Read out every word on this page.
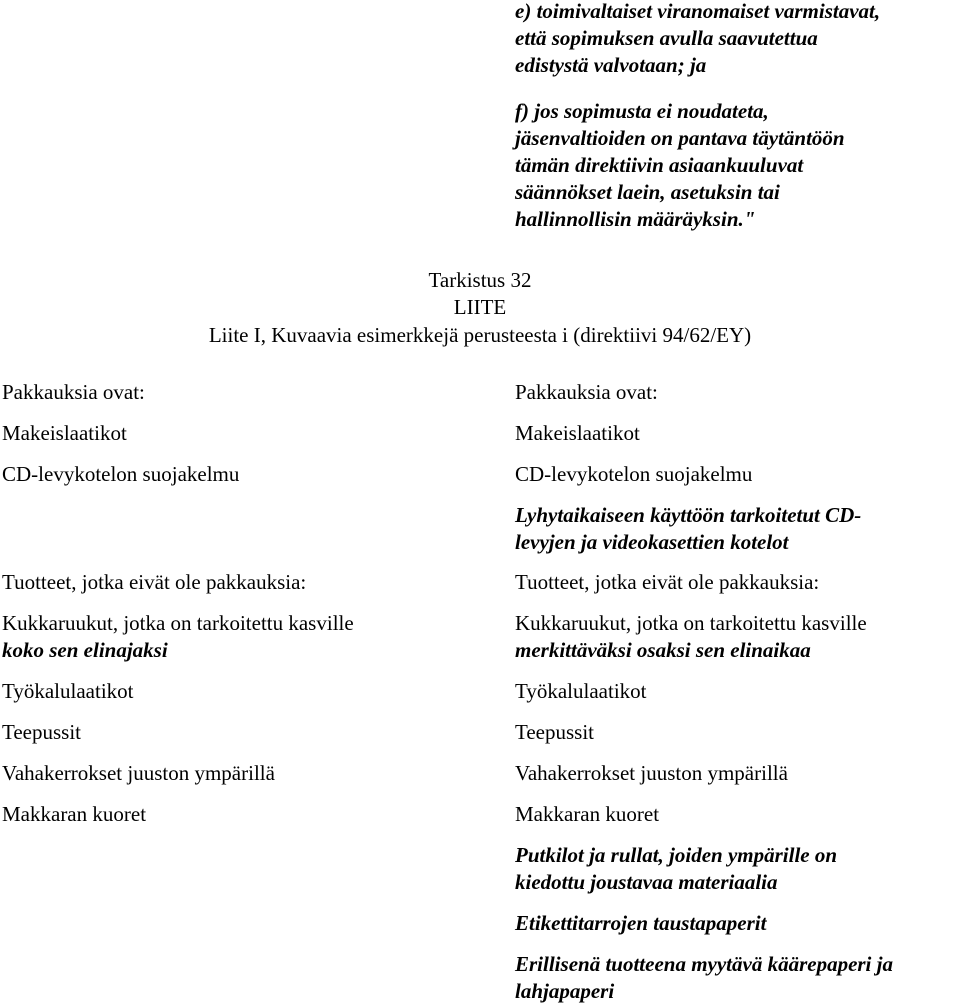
e) toimivaltaiset viranomaiset varmistavat,

että sopimuksen avulla saavutettua

edistystä valvotaan; ja

f) jos sopimusta ei noudateta,

jäsenvaltioiden on pantava täytäntöön

tämän direktiivin asiaankuuluvat

säännökset laein, asetuksin tai

hallinnollisin määräyksin."

Tarkistus 32

LIITE

Liite I, Kuvaavia esimerkkejä perusteesta i (direktiivi 94/62/EY)

Pakkauksia ovat:

Makeislaatikot

CD-levykotelon suojakelmu

Tuotteet, jotka eivät ole pakkauksia:

Kukkaruukut, jotka on tarkoitettu kasville

koko sen elinajaksi

Työkalulaatikot

Teepussit

Vahakerrokset juuston ympärillä

Makkaran kuoret

Pakkauksia ovat:

Makeislaatikot

CD-levykotelon suojakelmu

Lyhytaikaiseen käyttöön tarkoitetut CD-

levyjen ja videokasettien kotelot

Tuotteet, jotka eivät ole pakkauksia:

Kukkaruukut, jotka on tarkoitettu kasville

merkittäväksi osaksi sen elinaikaa

Työkalulaatikot

Teepussit

Vahakerrokset juuston ympärillä

Makkaran kuoret

Putkilot ja rullat, joiden ympärille on

kiedottu joustavaa materiaalia

Etikettitarrojen taustapaperit

Erillisenä tuotteena myytävä käärepaperi ja

lahjapaperi
